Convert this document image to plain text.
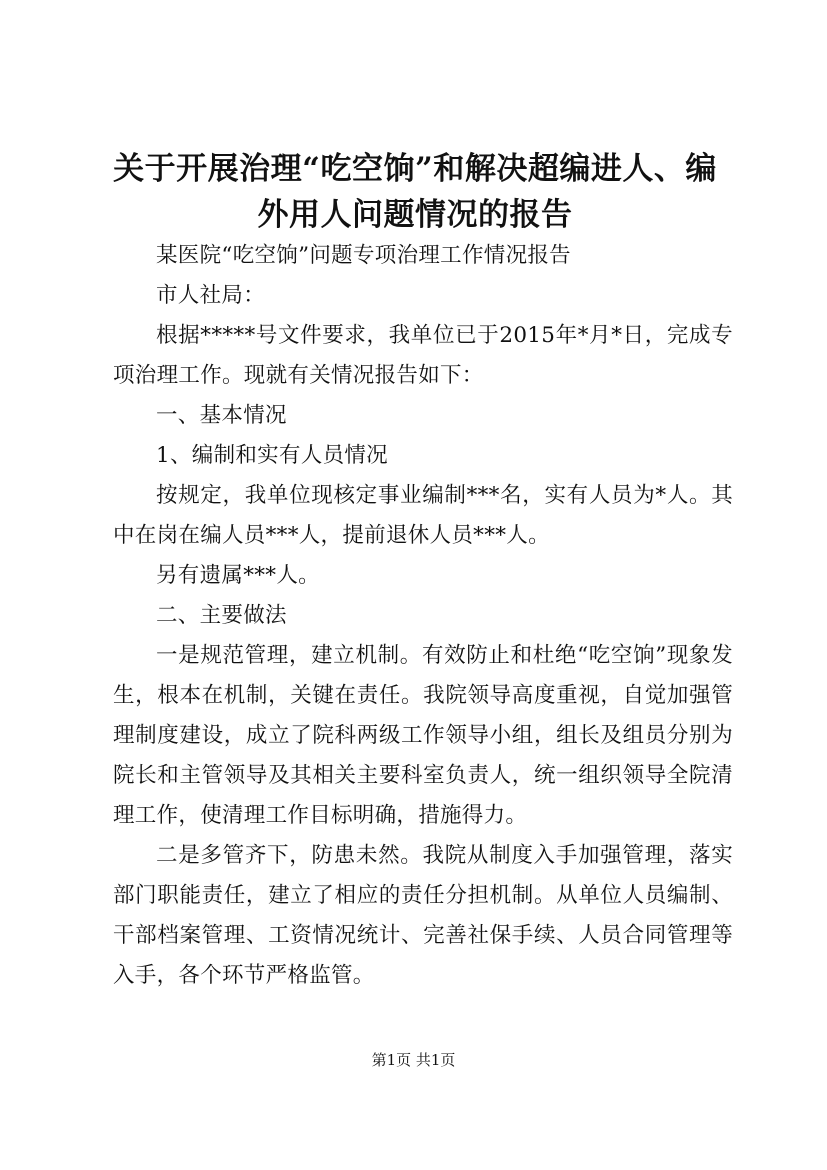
关于开展治理“吃空饷”和解决超编进人、编外用人问题情况的报告

某医院“吃空饷”问题专项治理工作情况报告

市人社局：

根据*****号文件要求，我单位已于2015年*月*日，完成专项治理工作。现就有关情况报告如下：

一、基本情况

1、编制和实有人员情况

按规定，我单位现核定事业编制***名，实有人员为*人。其中在岗在编人员***人，提前退休人员***人。

另有遗属***人。

二、主要做法

一是规范管理，建立机制。有效防止和杜绝“吃空饷”现象发生，根本在机制，关键在责任。我院领导高度重视，自觉加强管理制度建设，成立了院科两级工作领导小组，组长及组员分别为院长和主管领导及其相关主要科室负责人，统一组织领导全院清理工作，使清理工作目标明确，措施得力。

二是多管齐下，防患未然。我院从制度入手加强管理，落实部门职能责任，建立了相应的责任分担机制。从单位人员编制、干部档案管理、工资情况统计、完善社保手续、人员合同管理等入手，各个环节严格监管。

第1页 共1页
